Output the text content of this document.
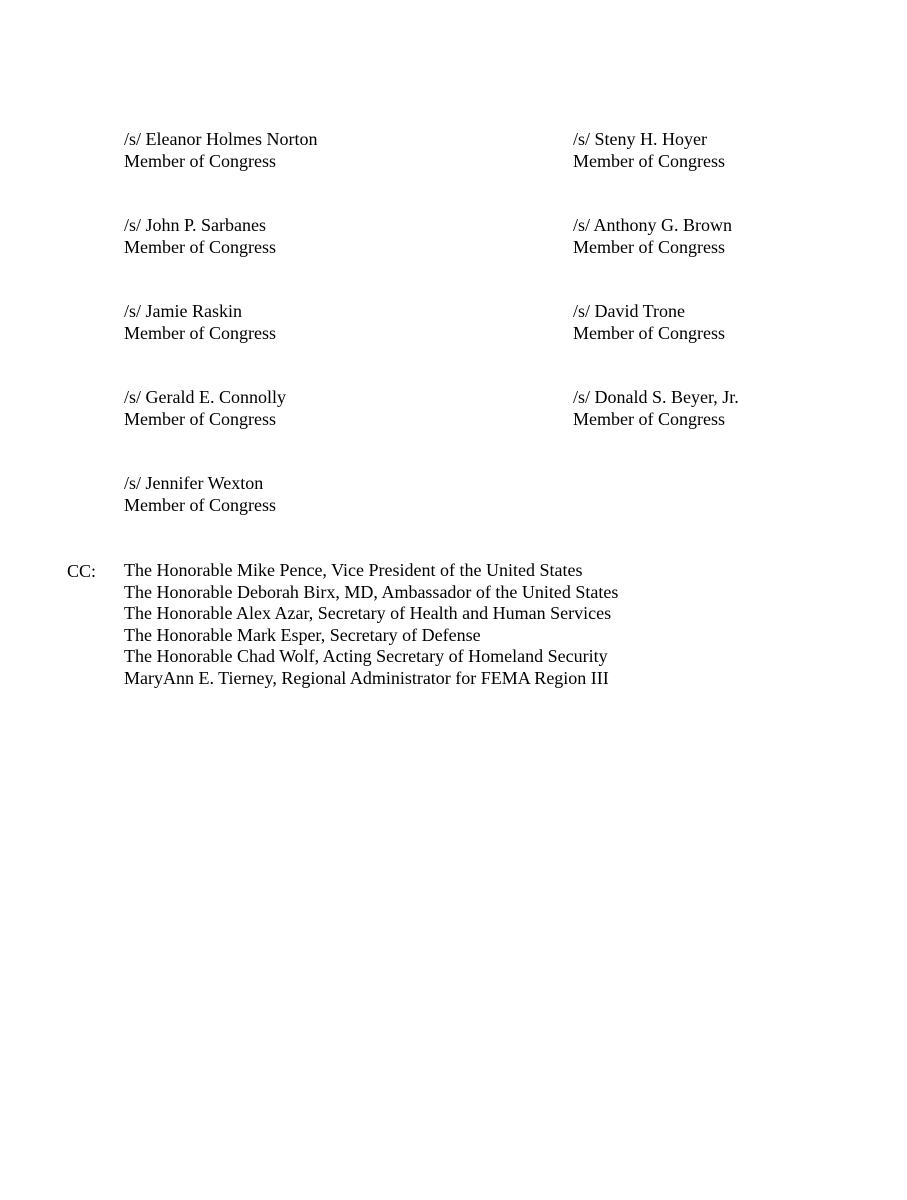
/s/ Eleanor Holmes Norton
Member of Congress
/s/ Steny H. Hoyer
Member of Congress
/s/ John P. Sarbanes
Member of Congress
/s/ Anthony G. Brown
Member of Congress
/s/ Jamie Raskin
Member of Congress
/s/ David Trone
Member of Congress
/s/ Gerald E. Connolly
Member of Congress
/s/ Donald S. Beyer, Jr.
Member of Congress
/s/ Jennifer Wexton
Member of Congress
CC: The Honorable Mike Pence, Vice President of the United States
The Honorable Deborah Birx, MD, Ambassador of the United States
The Honorable Alex Azar, Secretary of Health and Human Services
The Honorable Mark Esper, Secretary of Defense
The Honorable Chad Wolf, Acting Secretary of Homeland Security
MaryAnn E. Tierney, Regional Administrator for FEMA Region III
